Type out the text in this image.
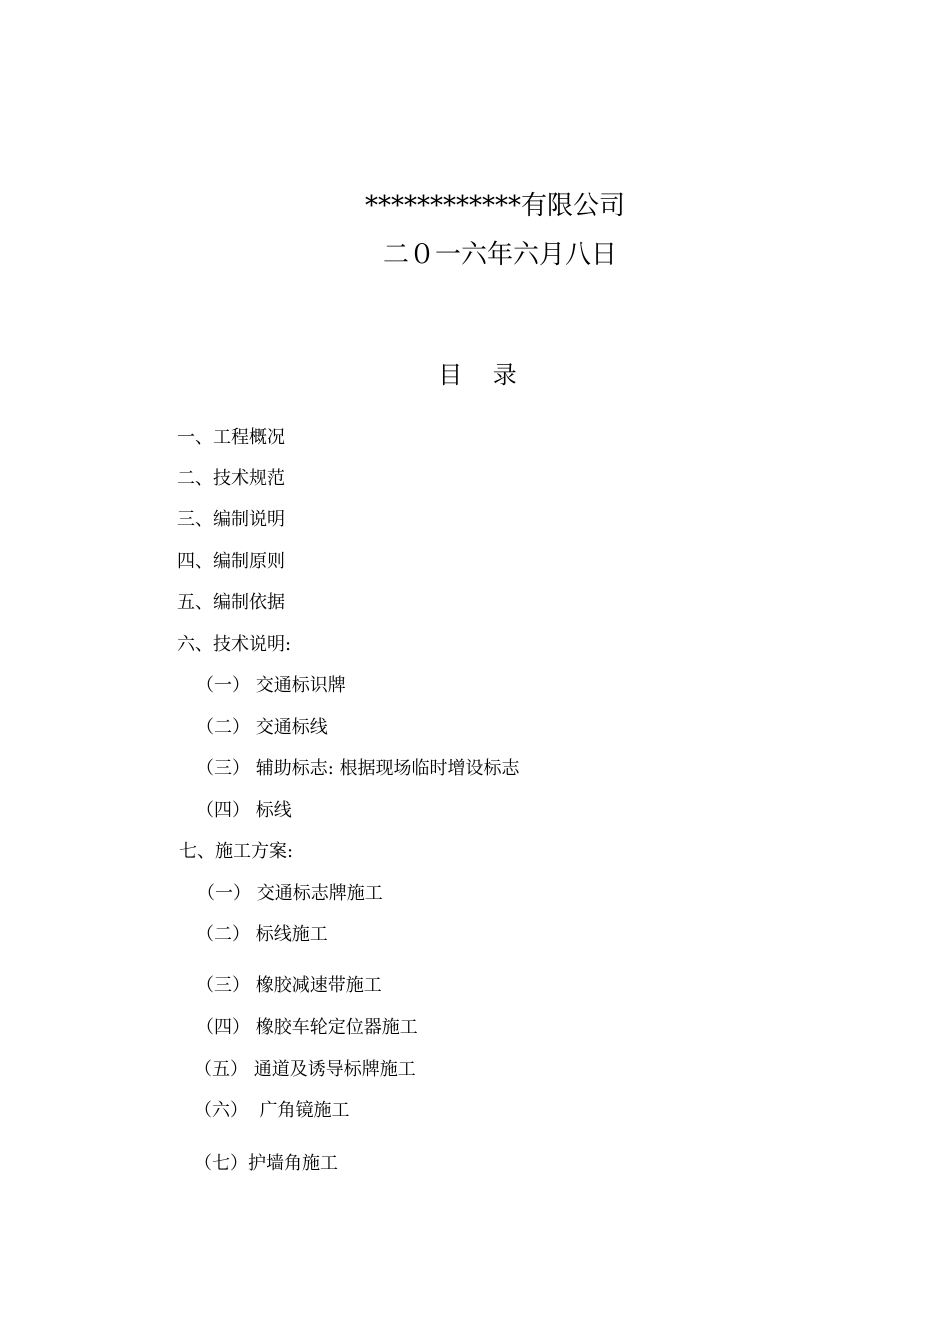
************有限公司
二０一六年六月八日
目    录
一、工程概况
二、技术规范
三、编制说明
四、编制原则
五、编制依据
六、技术说明:
（一） 交通标识牌
（二） 交通标线
（三） 辅助标志: 根据现场临时增设标志
（四） 标线
七、施工方案:
（一） 交通标志牌施工
（二） 标线施工
（三） 橡胶减速带施工
（四） 橡胶车轮定位器施工
（五） 通道及诱导标牌施工
（六）  广角镜施工
（七）护墙角施工
